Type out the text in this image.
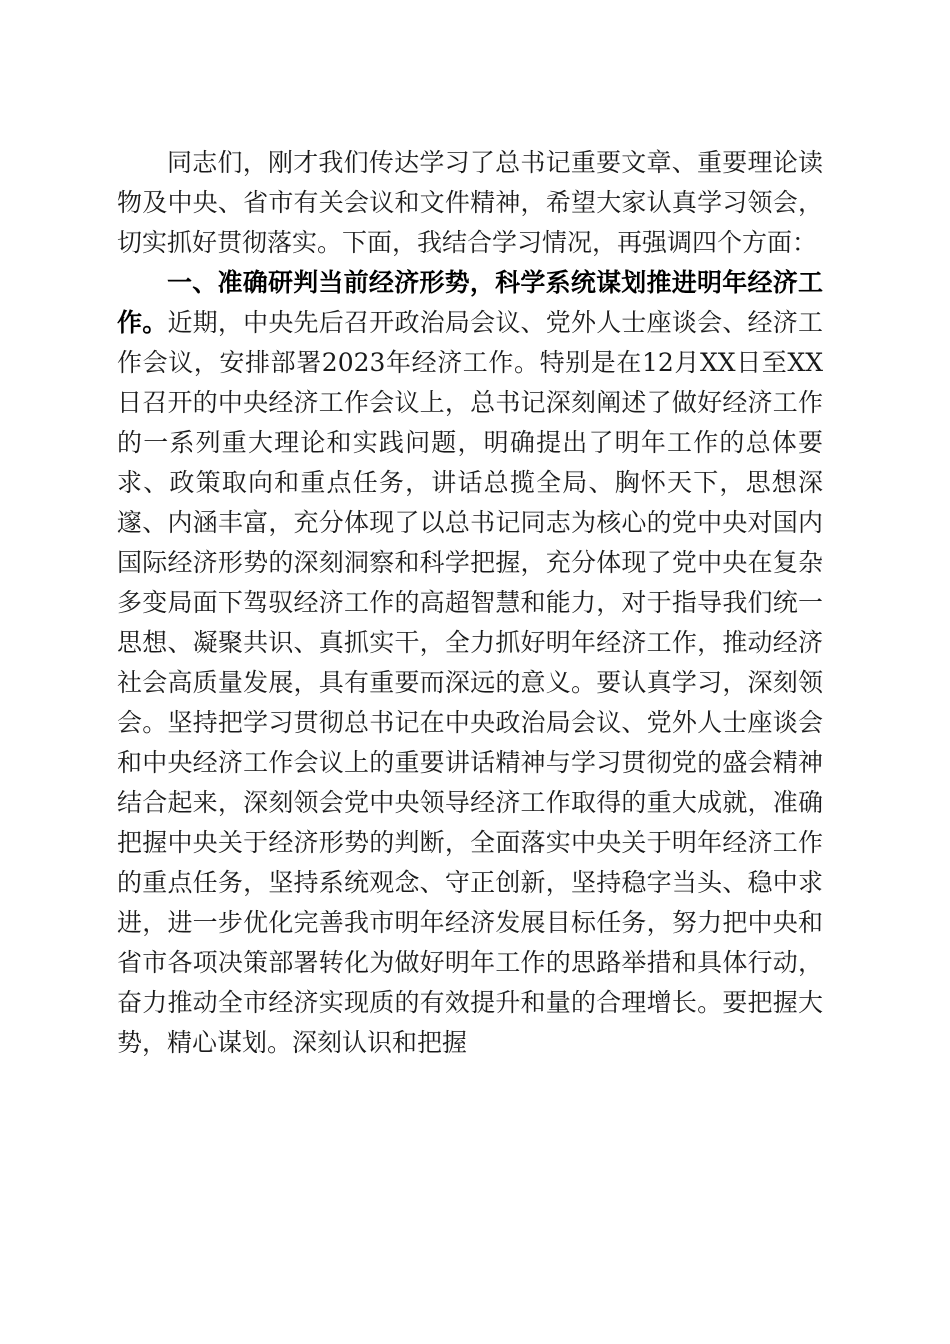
同志们，刚才我们传达学习了总书记重要文章、重要理论读物及中央、省市有关会议和文件精神，希望大家认真学习领会，切实抓好贯彻落实。下面，我结合学习情况，再强调四个方面：

一、准确研判当前经济形势，科学系统谋划推进明年经济工作。近期，中央先后召开政治局会议、党外人士座谈会、经济工作会议，安排部署2023年经济工作。特别是在12月XX日至XX日召开的中央经济工作会议上，总书记深刻阐述了做好经济工作的一系列重大理论和实践问题，明确提出了明年工作的总体要求、政策取向和重点任务，讲话总揽全局、胸怀天下，思想深邃、内涵丰富，充分体现了以总书记同志为核心的党中央对国内国际经济形势的深刻洞察和科学把握，充分体现了党中央在复杂多变局面下驾驭经济工作的高超智慧和能力，对于指导我们统一思想、凝聚共识、真抓实干，全力抓好明年经济工作，推动经济社会高质量发展，具有重要而深远的意义。要认真学习，深刻领会。坚持把学习贯彻总书记在中央政治局会议、党外人士座谈会和中央经济工作会议上的重要讲话精神与学习贯彻党的盛会精神结合起来，深刻领会党中央领导经济工作取得的重大成就，准确把握中央关于经济形势的判断，全面落实中央关于明年经济工作的重点任务，坚持系统观念、守正创新，坚持稳字当头、稳中求进，进一步优化完善我市明年经济发展目标任务，努力把中央和省市各项决策部署转化为做好明年工作的思路举措和具体行动，奋力推动全市经济实现质的有效提升和量的合理增长。要把握大势，精心谋划。深刻认识和把握
